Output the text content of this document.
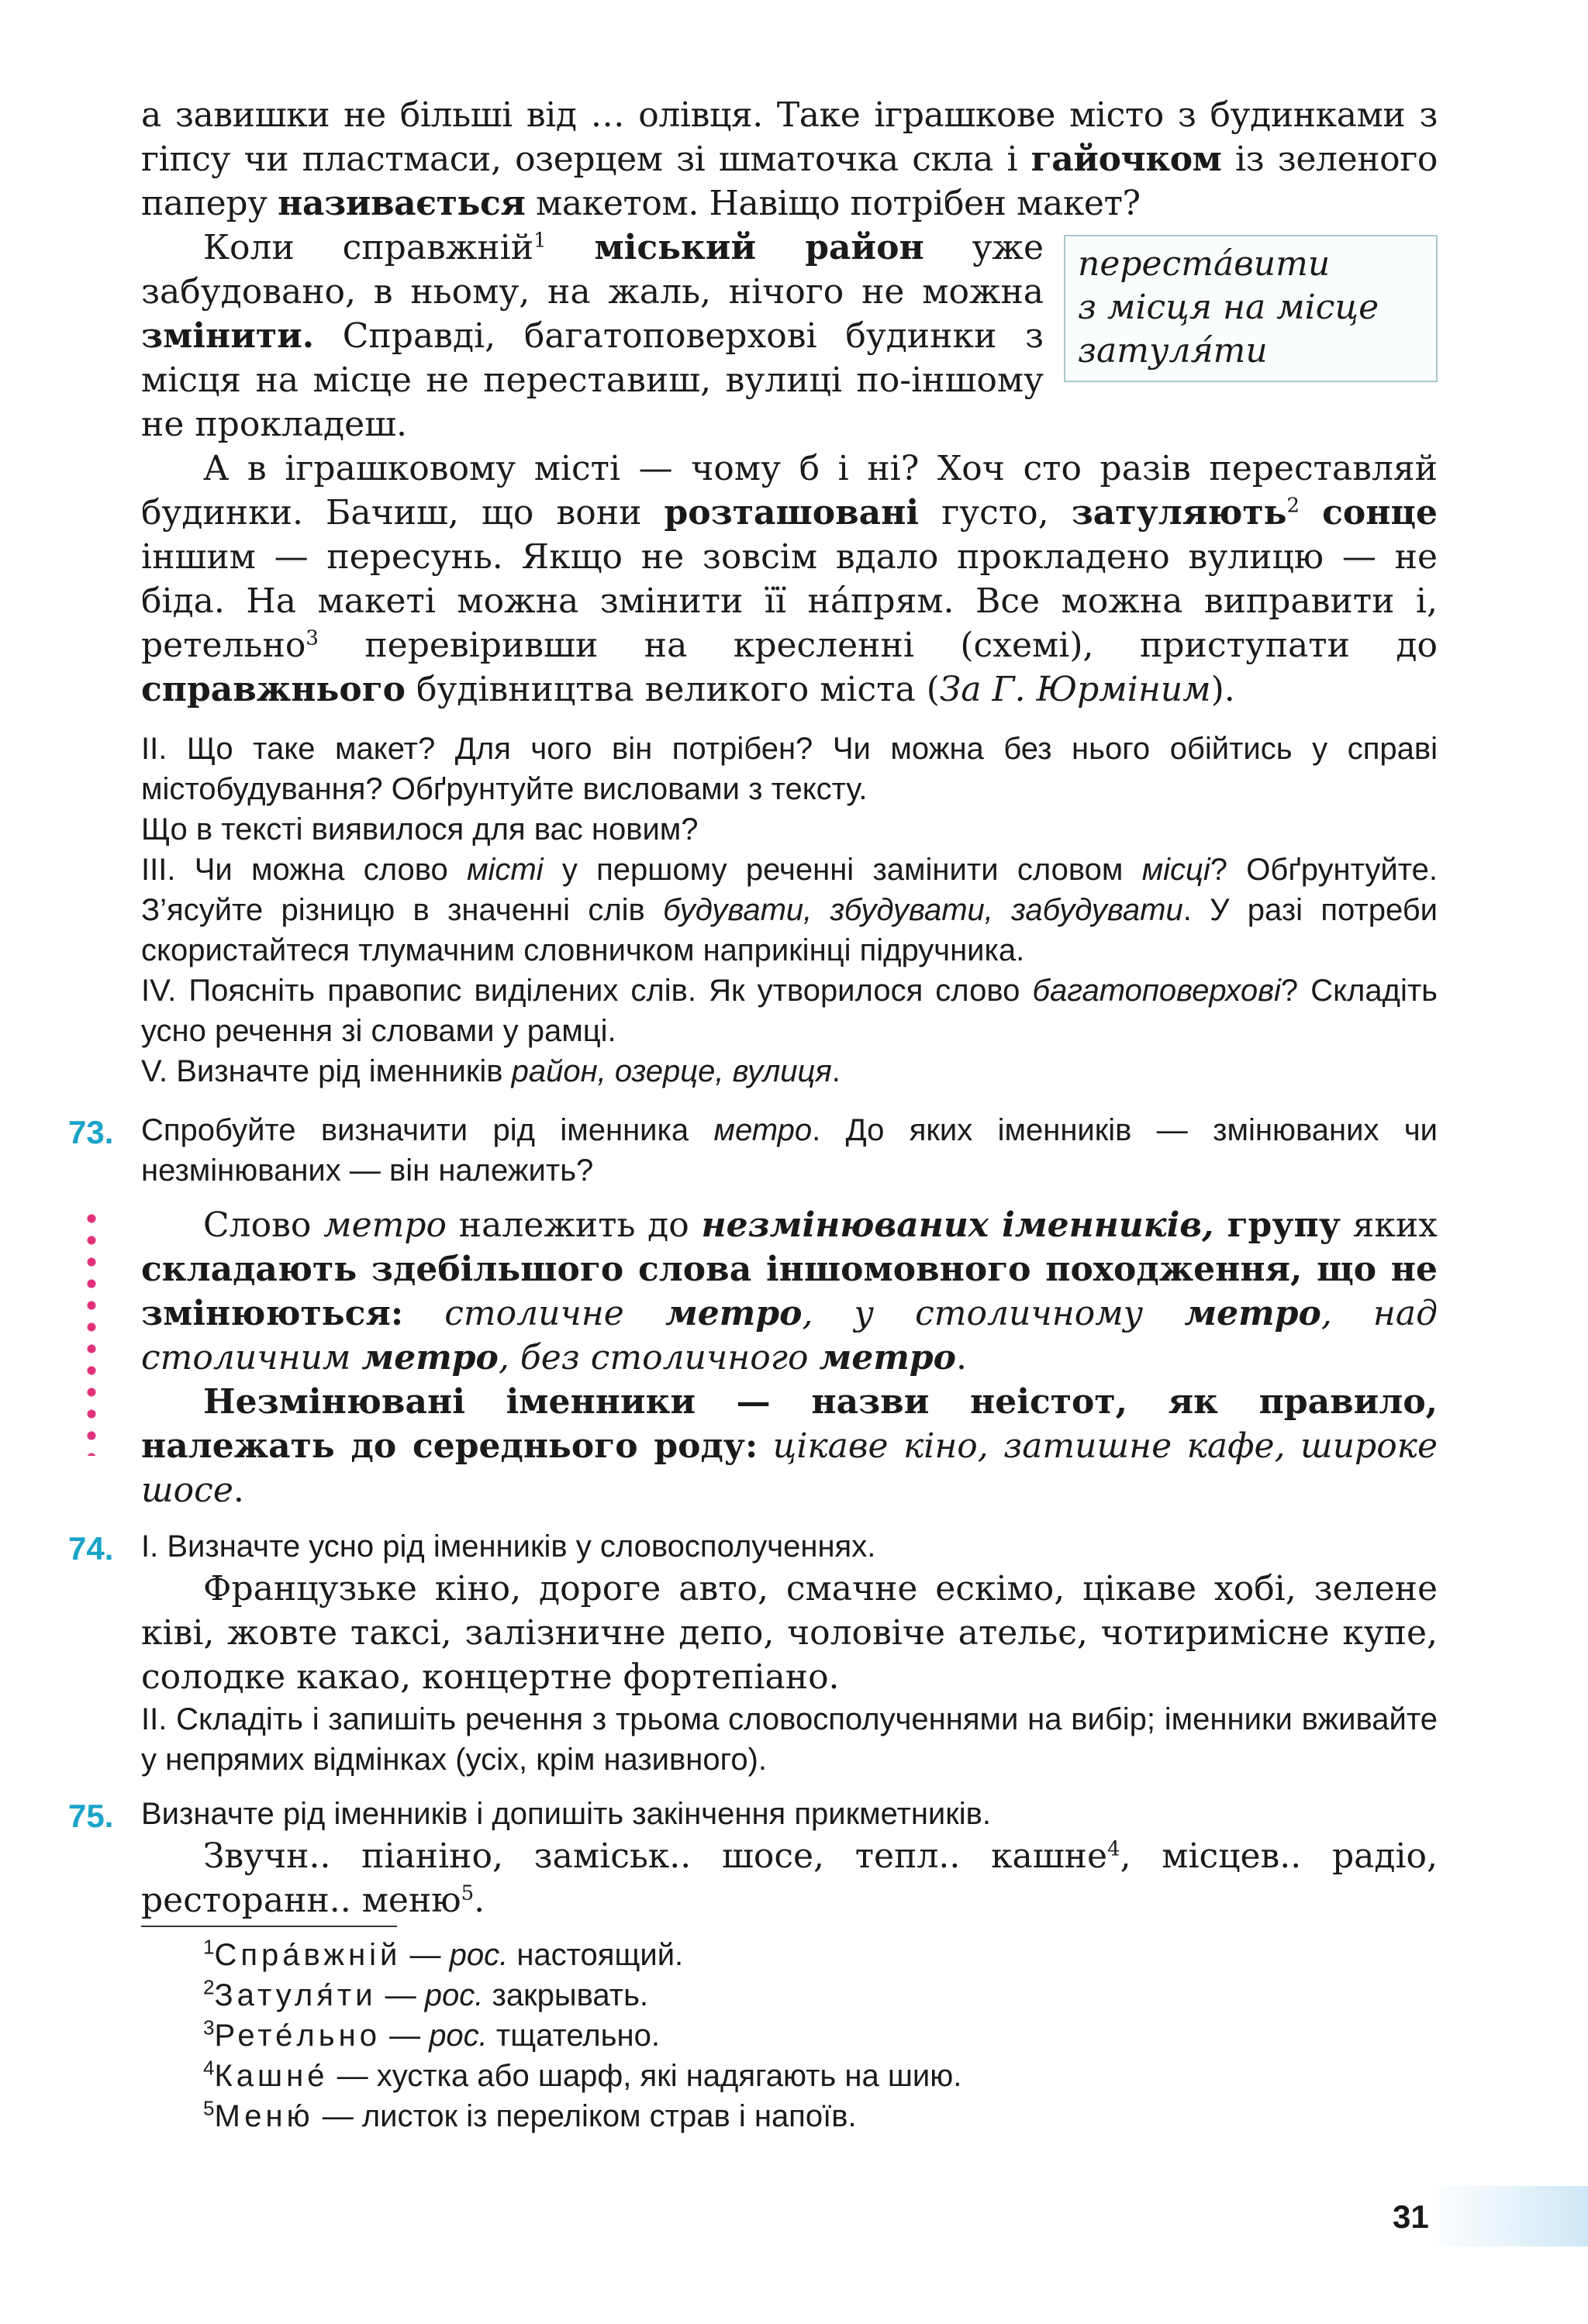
а завишки не більші від … олівця. Таке іграшкове місто з будинками з гіпсу чи пластмаси, озерцем зі шматочка скла і гайочком із зеленого паперу називається макетом. Навіщо потрібен макет?

переста́вити
з місця на місце
затуля́ти

Коли справжній$^1$ міський район уже забудовано, в ньому, на жаль, нічого не можна змінити. Справді, багатоповерхові будинки з місця на місце не переставиш, вулиці по-іншому не прокладеш.

А в іграшковому місті — чому б і ні? Хоч сто разів переставляй будинки. Бачиш, що вони розташовані густо, затуляють$^2$ сонце іншим — пересунь. Якщо не зовсім вдало прокладено вулицю — не біда. На макеті можна змінити її на́прям. Все можна виправити і, ретельно$^3$ перевіривши на кресленні (схемі), приступати до справжнього будівництва великого міста (За Г. Юрміним).

II. Що таке макет? Для чого він потрібен? Чи можна без нього обійтись у справі містобудування? Обґрунтуйте висловами з тексту.

Що в тексті виявилося для вас новим?

III. Чи можна слово місті у першому реченні замінити словом місці? Обґрунтуйте. З’ясуйте різницю в значенні слів будувати, збудувати, забудувати. У разі потреби скористайтеся тлумачним словничком наприкінці підручника.

IV. Поясніть правопис виділених слів. Як утворилося слово багатоповерхові? Складіть усно речення зі словами у рамці.

V. Визначте рід іменників район, озерце, вулиця.

73. Спробуйте визначити рід іменника метро. До яких іменників — змінюваних чи незмінюваних — він належить?

Слово метро належить до незмінюваних іменників, групу яких складають здебільшого слова іншомовного походження, що не змінюються: столичне метро, у столичному метро, над столичним метро, без столичного метро.

Незмінювані іменники — назви неістот, як правило, належать до середнього роду: цікаве кіно, затишне кафе, широке шосе.

74. I. Визначте усно рід іменників у словосполученнях.

Французьке кіно, дороге авто, смачне ескімо, цікаве хобі, зелене ківі, жовте таксі, залізничне депо, чоловіче ательє, чотиримісне купе, солодке какао, концертне фортепіано.

II. Складіть і запишіть речення з трьома словосполученнями на вибір; іменники вживайте у непрямих відмінках (усіх, крім називного).

75. Визначте рід іменників і допишіть закінчення прикметників.

Звучн.. піаніно, заміськ.. шосе, тепл.. кашне$^4$, місцев.. радіо, ресторанн.. меню$^5$.

$^1$Спра́вжній — рос. настоящий.
$^2$Затуля́ти — рос. закрывать.
$^3$Рете́льно — рос. тщательно.
$^4$Кашне́ — хустка або шарф, які надягають на шию.
$^5$Меню́ — листок із переліком страв і напоїв.
31
